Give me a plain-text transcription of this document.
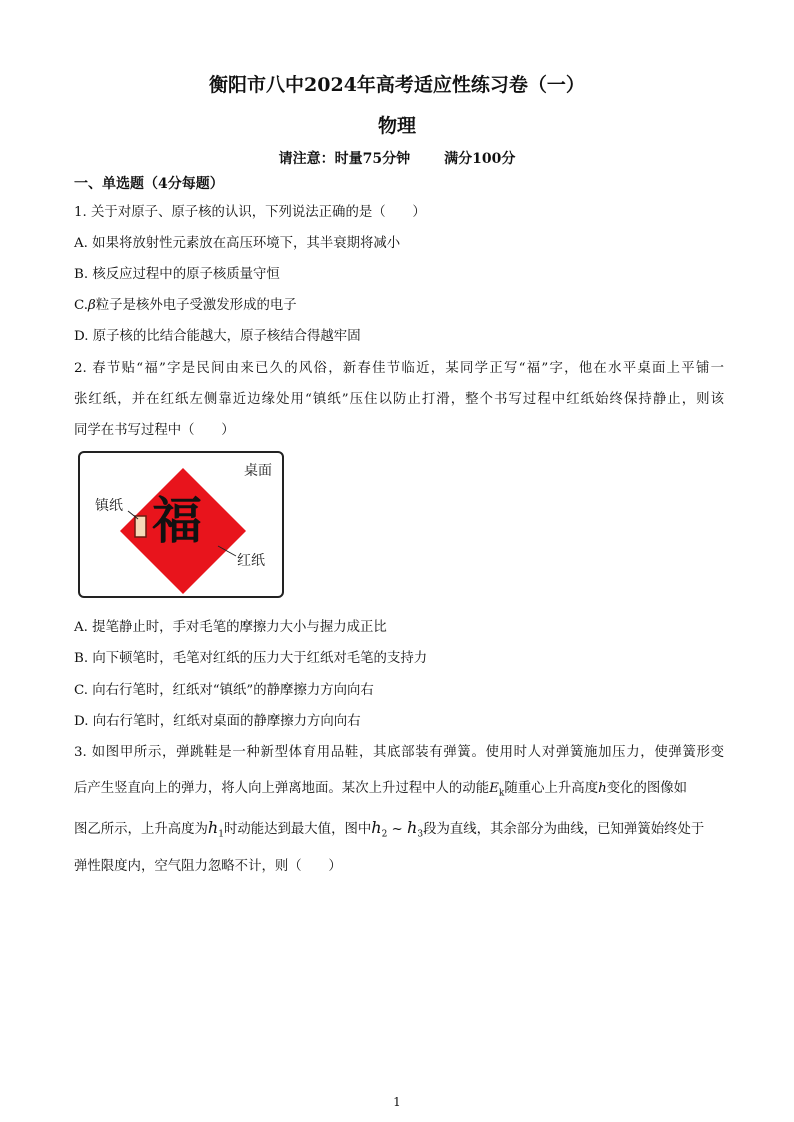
衡阳市八中2024年高考适应性练习卷（一）
物理
请注意：时量75分钟 满分100分
一、单选题（4分每题）
1. 关于对原子、原子核的认识，下列说法正确的是（　　）
A. 如果将放射性元素放在高压环境下，其半衰期将减小
B. 核反应过程中的原子核质量守恒
C.β粒子是核外电子受激发形成的电子
D. 原子核的比结合能越大，原子核结合得越牢固
2. 春节贴“福”字是民间由来已久的风俗，新春佳节临近，某同学正写“福”字，他在水平桌面上平铺一
张红纸，并在红纸左侧靠近边缘处用“镇纸”压住以防止打滑，整个书写过程中红纸始终保持静止，则该
同学在书写过程中（　　）
桌面
镇纸
红纸
福
A. 提笔静止时，手对毛笔的摩擦力大小与握力成正比
B. 向下顿笔时，毛笔对红纸的压力大于红纸对毛笔的支持力
C. 向右行笔时，红纸对“镇纸”的静摩擦力方向向右
D. 向右行笔时，红纸对桌面的静摩擦力方向向右
3. 如图甲所示，弹跳鞋是一种新型体育用品鞋，其底部装有弹簧。使用时人对弹簧施加压力，使弹簧形变
后产生竖直向上的弹力，将人向上弹离地面。某次上升过程中人的动能$E_k$随重心上升高度h变化的图像如
图乙所示，上升高度为$h_1$时动能达到最大值，图中$h_2$ ~ $h_3$段为直线，其余部分为曲线，已知弹簧始终处于
弹性限度内，空气阻力忽略不计，则（　　）
1
